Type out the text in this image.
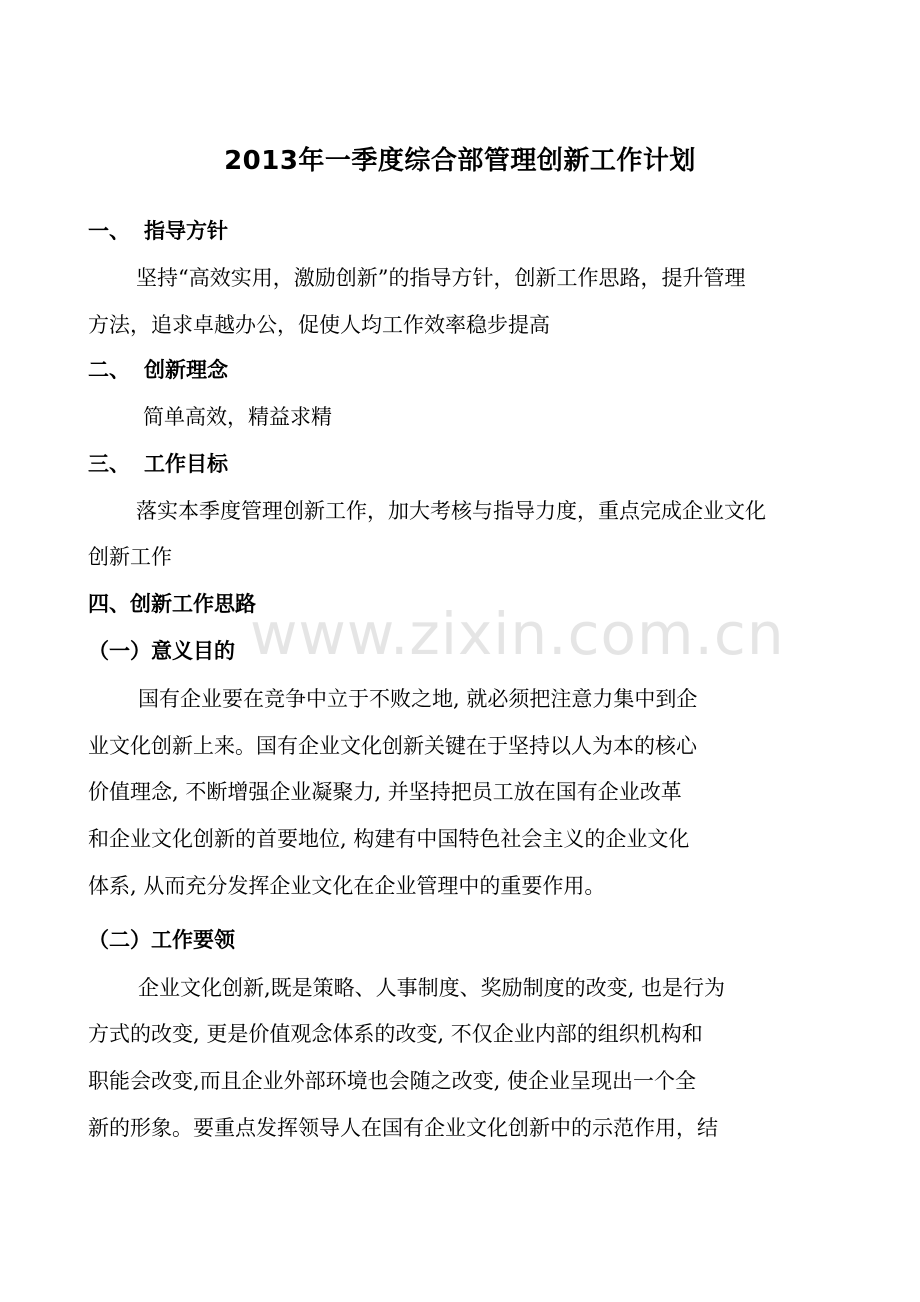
www.zixin.com.cn
2013年一季度综合部管理创新工作计划
一、 指导方针
坚持“高效实用，激励创新”的指导方针，创新工作思路，提升管理
方法，追求卓越办公，促使人均工作效率稳步提高
二、 创新理念
简单高效，精益求精
三、 工作目标
落实本季度管理创新工作，加大考核与指导力度，重点完成企业文化
创新工作
四、创新工作思路
（一）意义目的
国有企业要在竞争中立于不败之地, 就必须把注意力集中到企
业文化创新上来。国有企业文化创新关键在于坚持以人为本的核心
价值理念, 不断增强企业凝聚力, 并坚持把员工放在国有企业改革
和企业文化创新的首要地位, 构建有中国特色社会主义的企业文化
体系, 从而充分发挥企业文化在企业管理中的重要作用。
（二）工作要领
企业文化创新,既是策略、人事制度、奖励制度的改变, 也是行为
方式的改变, 更是价值观念体系的改变, 不仅企业内部的组织机构和
职能会改变,而且企业外部环境也会随之改变, 使企业呈现出一个全
新的形象。要重点发挥领导人在国有企业文化创新中的示范作用，结
